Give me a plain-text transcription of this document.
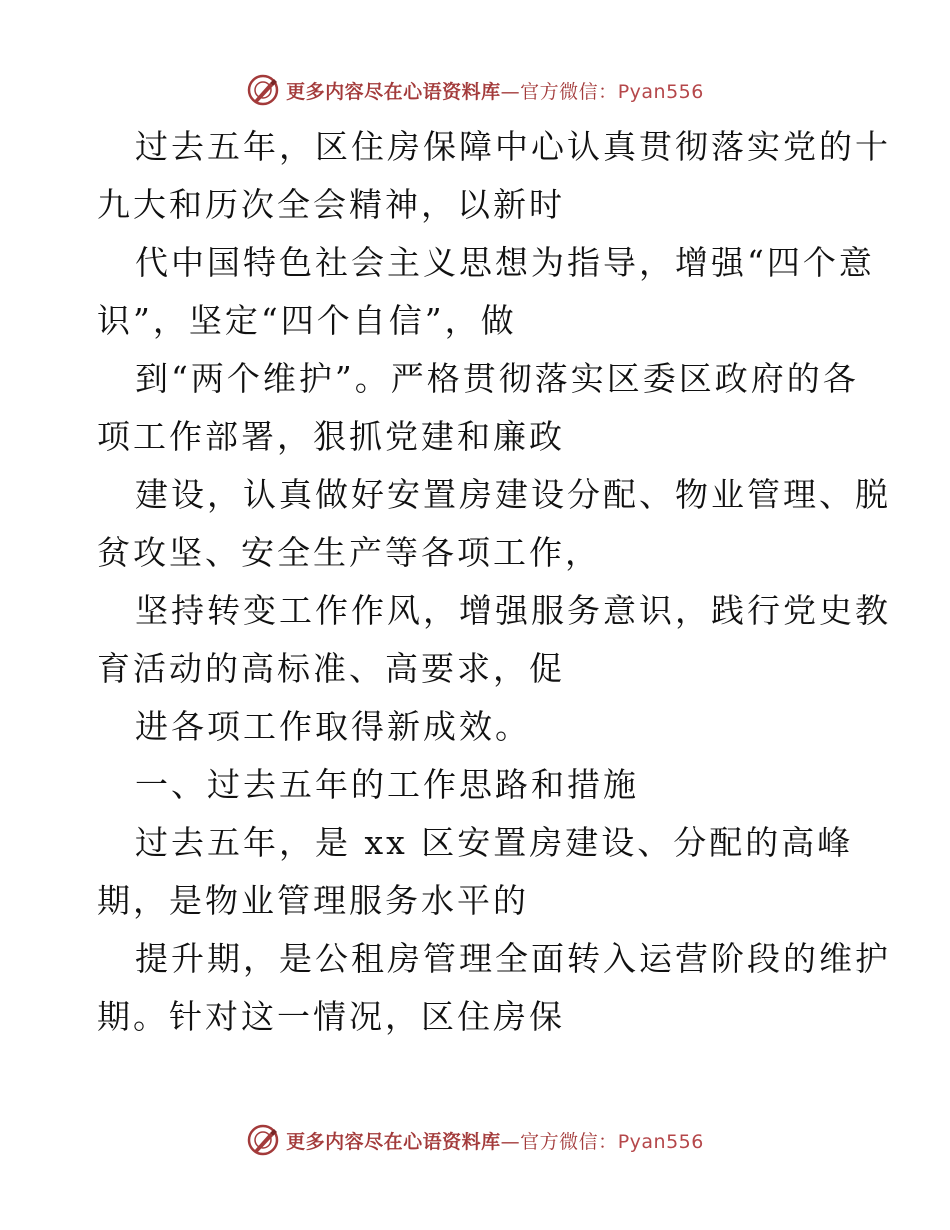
更多内容尽在心语资料库—官方微信：Pyan556
过去五年，区住房保障中心认真贯彻落实党的十
九大和历次全会精神，以新时
代中国特色社会主义思想为指导，增强“四个意
识”，坚定“四个自信”，做
到“两个维护”。严格贯彻落实区委区政府的各
项工作部署，狠抓党建和廉政
建设，认真做好安置房建设分配、物业管理、脱
贫攻坚、安全生产等各项工作，
坚持转变工作作风，增强服务意识，践行党史教
育活动的高标准、高要求，促
进各项工作取得新成效。
一、过去五年的工作思路和措施
过去五年，是 xx 区安置房建设、分配的高峰
期，是物业管理服务水平的
提升期，是公租房管理全面转入运营阶段的维护
期。针对这一情况，区住房保
更多内容尽在心语资料库—官方微信：Pyan556
